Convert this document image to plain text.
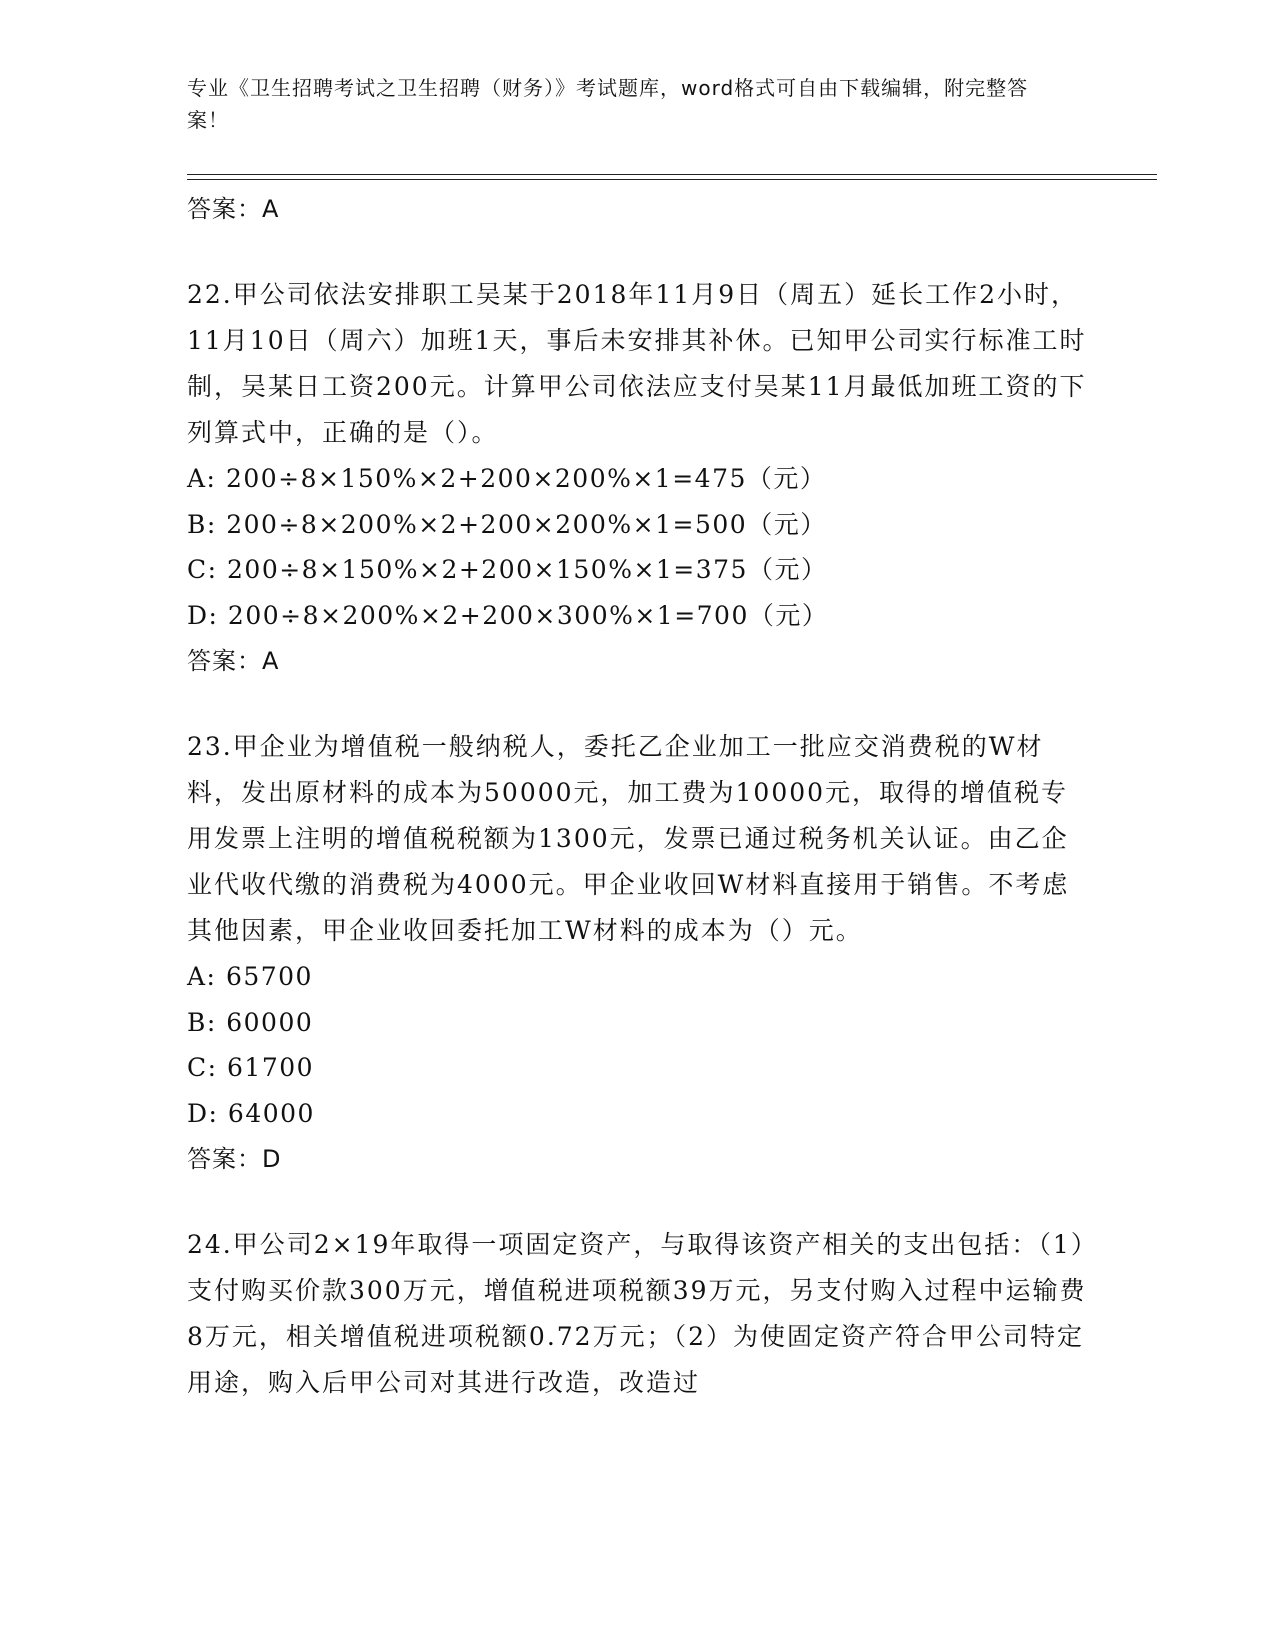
专业《卫生招聘考试之卫生招聘（财务）》考试题库，word格式可自由下载编辑，附完整答案！
答案：A
22.甲公司依法安排职工吴某于2018年11月9日（周五）延长工作2小时，11月10日（周六）加班1天，事后未安排其补休。已知甲公司实行标准工时制，吴某日工资200元。计算甲公司依法应支付吴某11月最低加班工资的下列算式中，正确的是（）。
A: 200÷8×150%×2+200×200%×1=475（元）
B: 200÷8×200%×2+200×200%×1=500（元）
C: 200÷8×150%×2+200×150%×1=375（元）
D: 200÷8×200%×2+200×300%×1=700（元）
答案：A
23.甲企业为增值税一般纳税人，委托乙企业加工一批应交消费税的W材料，发出原材料的成本为50000元，加工费为10000元，取得的增值税专用发票上注明的增值税税额为1300元，发票已通过税务机关认证。由乙企业代收代缴的消费税为4000元。甲企业收回W材料直接用于销售。不考虑其他因素，甲企业收回委托加工W材料的成本为（）元。
A: 65700
B: 60000
C: 61700
D: 64000
答案：D
24.甲公司2×19年取得一项固定资产，与取得该资产相关的支出包括：（1）支付购买价款300万元，增值税进项税额39万元，另支付购入过程中运输费8万元，相关增值税进项税额0.72万元；（2）为使固定资产符合甲公司特定用途，购入后甲公司对其进行改造，改造过
